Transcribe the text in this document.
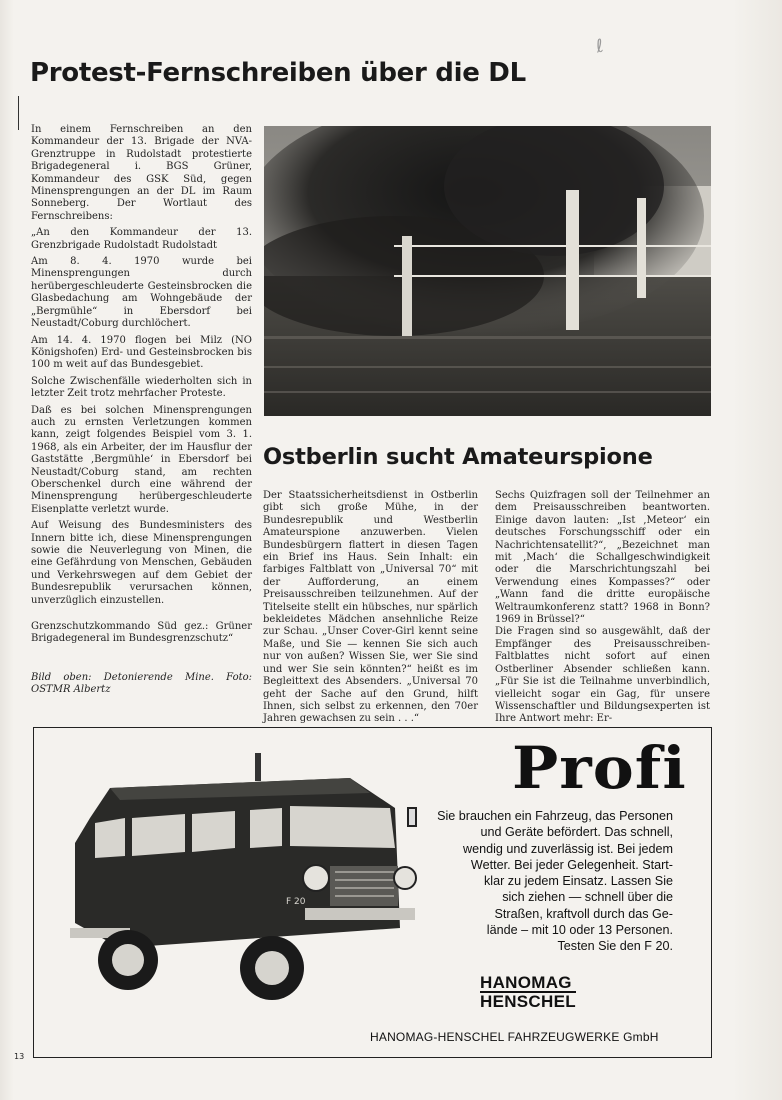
ℓ
Protest-Fernschreiben über die DL

In einem Fernschreiben an den Kommandeur der 13. Brigade der NVA-Grenztruppe in Rudolstadt protestierte Brigadegeneral i. BGS Grüner, Kommandeur des GSK Süd, gegen Minensprengungen an der DL im Raum Sonneberg. Der Wortlaut des Fernschreibens:

„An den Kommandeur der 13. Grenzbrigade Rudolstadt Rudolstadt

Am 8. 4. 1970 wurde bei Minensprengungen durch herübergeschleuderte Gesteinsbrocken die Glasbedachung am Wohngebäude der „Bergmühle“ in Ebersdorf bei Neustadt/Coburg durchlöchert.

Am 14. 4. 1970 flogen bei Milz (NO Königshofen) Erd- und Gesteinsbrocken bis 100 m weit auf das Bundesgebiet.

Solche Zwischenfälle wiederholten sich in letzter Zeit trotz mehrfacher Proteste.

Daß es bei solchen Minensprengungen auch zu ernsten Verletzungen kommen kann, zeigt folgendes Beispiel vom 3. 1. 1968, als ein Arbeiter, der im Hausflur der Gaststätte ‚Bergmühle‘ in Ebersdorf bei Neustadt/Coburg stand, am rechten Oberschenkel durch eine während der Minensprengung herübergeschleuderte Eisenplatte verletzt wurde.

Auf Weisung des Bundesministers des Innern bitte ich, diese Minensprengungen sowie die Neuverlegung von Minen, die eine Gefährdung von Menschen, Gebäuden und Verkehrswegen auf dem Gebiet der Bundesrepublik verursachen können, unverzüglich einzustellen.

Grenzschutzkommando Süd gez.: Grüner Brigadegeneral im Bundesgrenzschutz“

Bild oben: Detonierende Mine. Foto: OSTMR Albertz

Ostberlin sucht Amateurspione

Der Staatssicherheitsdienst in Ostberlin gibt sich große Mühe, in der Bundesrepublik und Westberlin Amateurspione anzuwerben. Vielen Bundesbürgern flattert in diesen Tagen ein Brief ins Haus. Sein Inhalt: ein farbiges Faltblatt von „Universal 70“ mit der Aufforderung, an einem Preisausschreiben teilzunehmen. Auf der Titelseite stellt ein hübsches, nur spärlich bekleidetes Mädchen ansehnliche Reize zur Schau. „Unser Cover-Girl kennt seine Maße, und Sie — kennen Sie sich auch nur von außen? Wissen Sie, wer Sie sind und wer Sie sein könnten?“ heißt es im Begleittext des Absenders. „Universal 70 geht der Sache auf den Grund, hilft Ihnen, sich selbst zu erkennen, den 70er Jahren gewachsen zu sein . . .“

Sechs Quizfragen soll der Teilnehmer an dem Preisausschreiben beantworten. Einige davon lauten: „Ist ‚Meteor‘ ein deutsches Forschungsschiff oder ein Nachrichtensatellit?“, „Bezeichnet man mit ‚Mach‘ die Schallgeschwindigkeit oder die Marschrichtungszahl bei Verwendung eines Kompasses?“ oder „Wann fand die dritte europäische Weltraumkonferenz statt? 1968 in Bonn? 1969 in Brüssel?“

Die Fragen sind so ausgewählt, daß der Empfänger des Preisausschreiben-Faltblattes nicht sofort auf einen Ostberliner Absender schließen kann. „Für Sie ist die Teilnahme unverbindlich, vielleicht sogar ein Gag, für unsere Wissenschaftler und Bildungsexperten ist Ihre Antwort mehr: Er-

F 20
Profi
Sie brauchen ein Fahrzeug, das Personen
und Geräte befördert. Das schnell,
wendig und zuverlässig ist. Bei jedem
Wetter. Bei jeder Gelegenheit. Start-
klar zu jedem Einsatz. Lassen Sie
sich ziehen — schnell über die
Straßen, kraftvoll durch das Ge-
lände – mit 10 oder 13 Personen.
Testen Sie den F 20.
HANOMAG
HENSCHEL
HANOMAG-HENSCHEL FAHRZEUGWERKE GmbH
13
